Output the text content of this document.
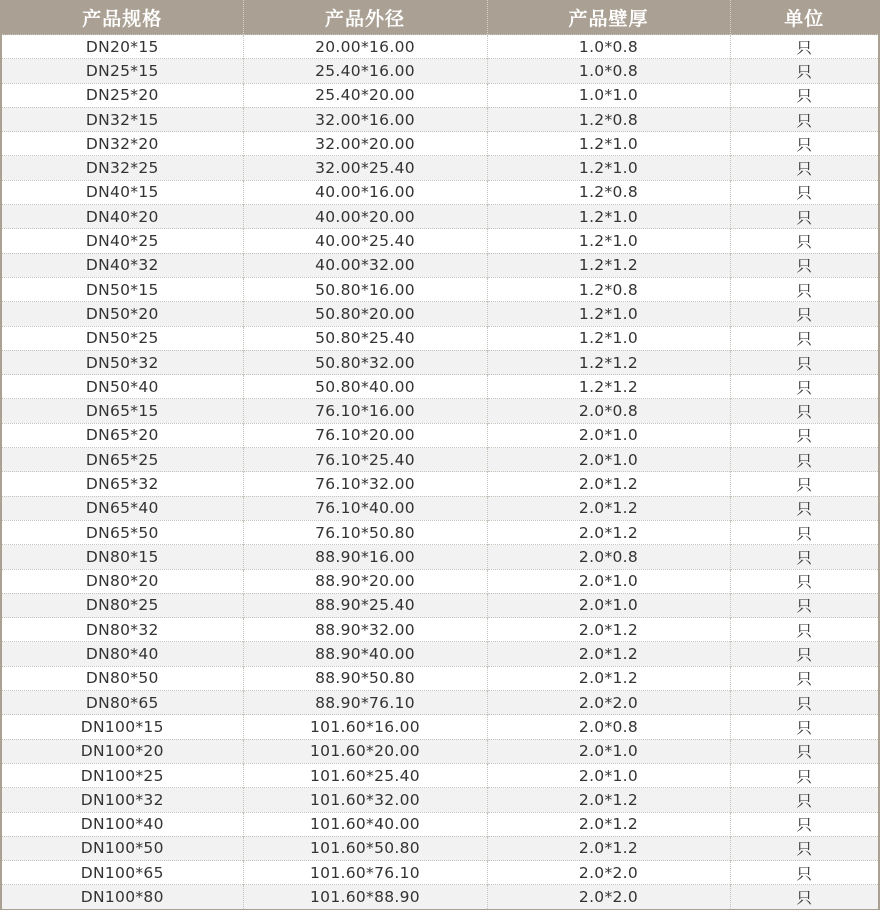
产品规格	产品外径	产品壁厚	单位
DN20*15	20.00*16.00	1.0*0.8	只
DN25*15	25.40*16.00	1.0*0.8	只
DN25*20	25.40*20.00	1.0*1.0	只
DN32*15	32.00*16.00	1.2*0.8	只
DN32*20	32.00*20.00	1.2*1.0	只
DN32*25	32.00*25.40	1.2*1.0	只
DN40*15	40.00*16.00	1.2*0.8	只
DN40*20	40.00*20.00	1.2*1.0	只
DN40*25	40.00*25.40	1.2*1.0	只
DN40*32	40.00*32.00	1.2*1.2	只
DN50*15	50.80*16.00	1.2*0.8	只
DN50*20	50.80*20.00	1.2*1.0	只
DN50*25	50.80*25.40	1.2*1.0	只
DN50*32	50.80*32.00	1.2*1.2	只
DN50*40	50.80*40.00	1.2*1.2	只
DN65*15	76.10*16.00	2.0*0.8	只
DN65*20	76.10*20.00	2.0*1.0	只
DN65*25	76.10*25.40	2.0*1.0	只
DN65*32	76.10*32.00	2.0*1.2	只
DN65*40	76.10*40.00	2.0*1.2	只
DN65*50	76.10*50.80	2.0*1.2	只
DN80*15	88.90*16.00	2.0*0.8	只
DN80*20	88.90*20.00	2.0*1.0	只
DN80*25	88.90*25.40	2.0*1.0	只
DN80*32	88.90*32.00	2.0*1.2	只
DN80*40	88.90*40.00	2.0*1.2	只
DN80*50	88.90*50.80	2.0*1.2	只
DN80*65	88.90*76.10	2.0*2.0	只
DN100*15	101.60*16.00	2.0*0.8	只
DN100*20	101.60*20.00	2.0*1.0	只
DN100*25	101.60*25.40	2.0*1.0	只
DN100*32	101.60*32.00	2.0*1.2	只
DN100*40	101.60*40.00	2.0*1.2	只
DN100*50	101.60*50.80	2.0*1.2	只
DN100*65	101.60*76.10	2.0*2.0	只
DN100*80	101.60*88.90	2.0*2.0	只
